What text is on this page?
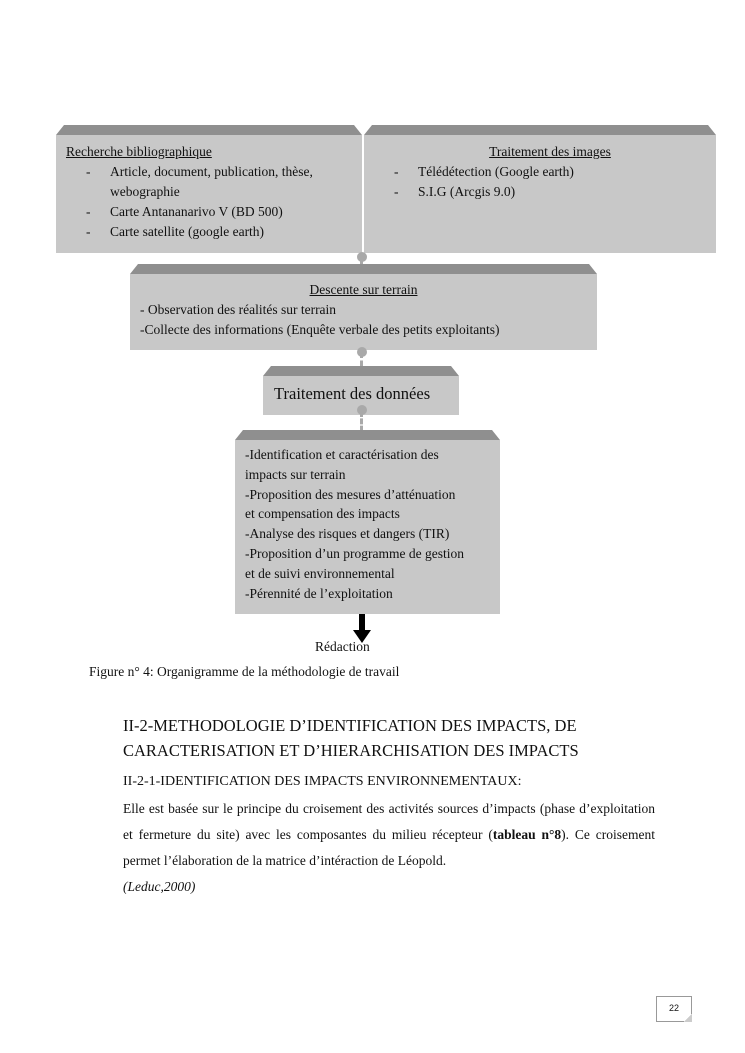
Recherche bibliographique
- Article, document, publication, thèse, webographie
- Carte Antananarivo V (BD 500)
- Carte satellite (google earth)
Traitement des images
- Télédétection (Google earth)
- S.I.G (Arcgis 9.0)
Descente sur terrain
- Observation des réalités sur terrain
-Collecte des informations (Enquête verbale des petits exploitants)
Traitement des données
-Identification et caractérisation des
impacts sur terrain
-Proposition des mesures d’atténuation
et compensation des impacts
-Analyse des risques et dangers (TIR)
-Proposition d’un programme de gestion
et de suivi environnemental
-Pérennité de l’exploitation
Rédaction
Figure n° 4: Organigramme de la méthodologie de travail
II-2-METHODOLOGIE D’IDENTIFICATION DES IMPACTS, DE
CARACTERISATION ET D’HIERARCHISATION DES IMPACTS
II-2-1-IDENTIFICATION DES IMPACTS ENVIRONNEMENTAUX:
Elle est basée sur le principe du croisement des activités sources d’impacts (phase d’exploitation et fermeture du site) avec les composantes du milieu récepteur (tableau n°8). Ce croisement permet l’élaboration de la matrice d’intéraction de Léopold.
(Leduc,2000)
22
